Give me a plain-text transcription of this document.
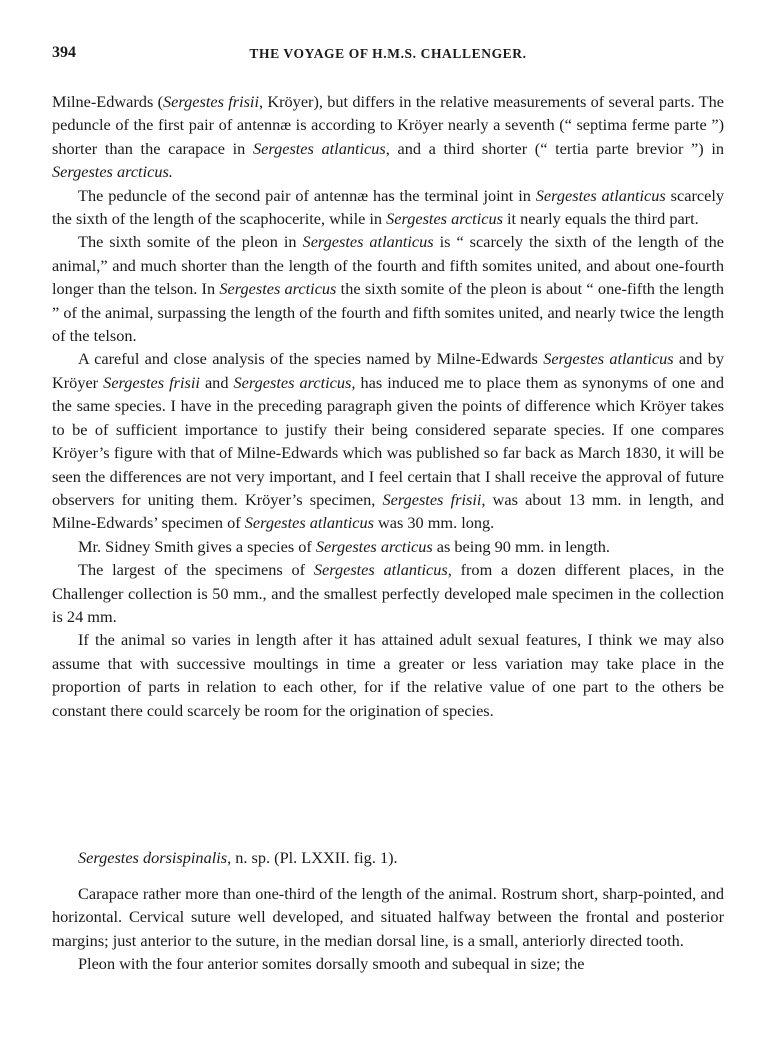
394	THE VOYAGE OF H.M.S. CHALLENGER.

Milne-Edwards (Sergestes frisii, Kröyer), but differs in the relative measurements of several parts. The peduncle of the first pair of antennæ is according to Kröyer nearly a seventh (“ septima ferme parte ”) shorter than the carapace in Sergestes atlanticus, and a third shorter (“ tertia parte brevior ”) in Sergestes arcticus.

The peduncle of the second pair of antennæ has the terminal joint in Sergestes atlanticus scarcely the sixth of the length of the scaphocerite, while in Sergestes arcticus it nearly equals the third part.

The sixth somite of the pleon in Sergestes atlanticus is “ scarcely the sixth of the length of the animal,” and much shorter than the length of the fourth and fifth somites united, and about one-fourth longer than the telson. In Sergestes arcticus the sixth somite of the pleon is about “ one-fifth the length ” of the animal, surpassing the length of the fourth and fifth somites united, and nearly twice the length of the telson.

A careful and close analysis of the species named by Milne-Edwards Sergestes atlanticus and by Kröyer Sergestes frisii and Sergestes arcticus, has induced me to place them as synonyms of one and the same species. I have in the preceding paragraph given the points of difference which Kröyer takes to be of sufficient importance to justify their being considered separate species. If one compares Kröyer’s figure with that of Milne-Edwards which was published so far back as March 1830, it will be seen the differences are not very important, and I feel certain that I shall receive the approval of future observers for uniting them. Kröyer’s specimen, Sergestes frisii, was about 13 mm. in length, and Milne-Edwards’ specimen of Sergestes atlanticus was 30 mm. long.

Mr. Sidney Smith gives a species of Sergestes arcticus as being 90 mm. in length.

The largest of the specimens of Sergestes atlanticus, from a dozen different places, in the Challenger collection is 50 mm., and the smallest perfectly developed male specimen in the collection is 24 mm.

If the animal so varies in length after it has attained adult sexual features, I think we may also assume that with successive moultings in time a greater or less variation may take place in the proportion of parts in relation to each other, for if the relative value of one part to the others be constant there could scarcely be room for the origination of species.

Sergestes dorsispinalis, n. sp. (Pl. LXXII. fig. 1).

Carapace rather more than one-third of the length of the animal. Rostrum short, sharp-pointed, and horizontal. Cervical suture well developed, and situated halfway between the frontal and posterior margins; just anterior to the suture, in the median dorsal line, is a small, anteriorly directed tooth.

Pleon with the four anterior somites dorsally smooth and subequal in size; the
